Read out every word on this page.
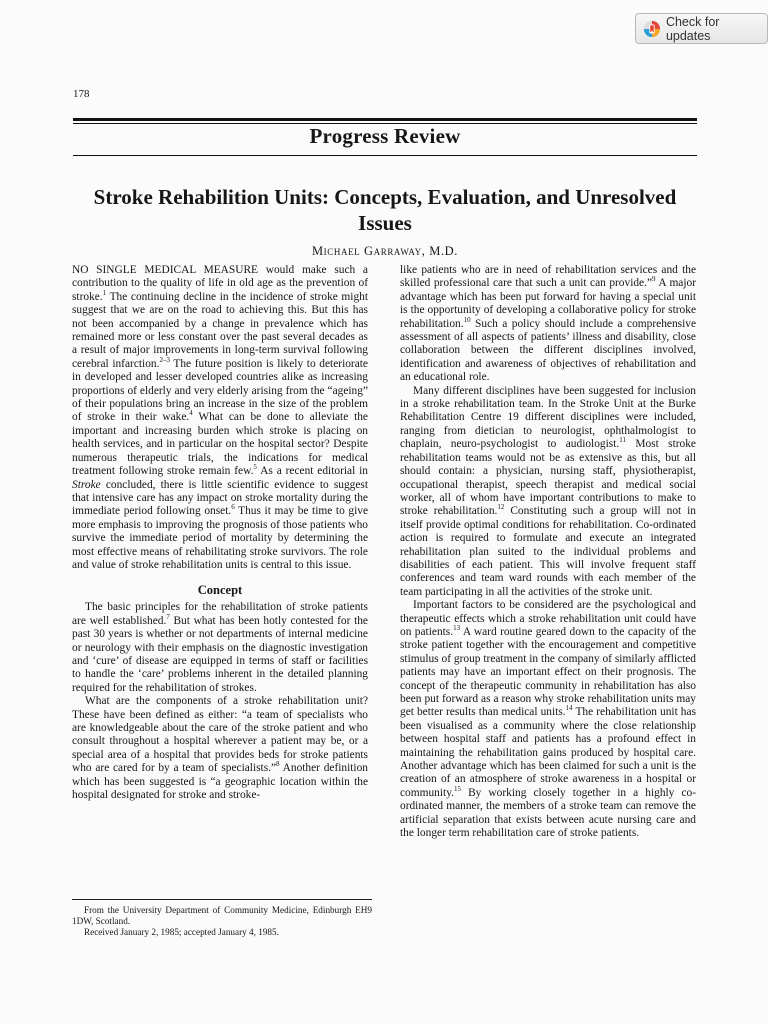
Check for updates
178
Progress Review
Stroke Rehabilition Units: Concepts, Evaluation, and Unresolved Issues
Michael Garraway, M.D.

NO SINGLE MEDICAL MEASURE would make such a contribution to the quality of life in old age as the prevention of stroke.$^1$ The continuing decline in the incidence of stroke might suggest that we are on the road to achieving this. But this has not been accompanied by a change in prevalence which has remained more or less constant over the past several decades as a result of major improvements in long-term survival following cerebral infarction.$^{2-3}$ The future position is likely to deteriorate in developed and lesser developed countries alike as increasing proportions of elderly and very elderly arising from the “ageing” of their populations bring an increase in the size of the problem of stroke in their wake.$^4$ What can be done to alleviate the important and increasing burden which stroke is placing on health services, and in particular on the hospital sector? Despite numerous therapeutic trials, the indications for medical treatment following stroke remain few.$^5$ As a recent editorial in Stroke concluded, there is little scientific evidence to suggest that intensive care has any impact on stroke mortality during the immediate period following onset.$^6$ Thus it may be time to give more emphasis to improving the prognosis of those patients who survive the immediate period of mortality by determining the most effective means of rehabilitating stroke survivors. The role and value of stroke rehabilitation units is central to this issue.

Concept

The basic principles for the rehabilitation of stroke patients are well established.$^7$ But what has been hotly contested for the past 30 years is whether or not departments of internal medicine or neurology with their emphasis on the diagnostic investigation and ‘cure’ of disease are equipped in terms of staff or facilities to handle the ‘care’ problems inherent in the detailed planning required for the rehabilitation of strokes.

What are the components of a stroke rehabilitation unit? These have been defined as either: “a team of specialists who are knowledgeable about the care of the stroke patient and who consult throughout a hospital wherever a patient may be, or a special area of a hospital that provides beds for stroke patients who are cared for by a team of specialists.”$^8$ Another definition which has been suggested is “a geographic location within the hospital designated for stroke and stroke-

like patients who are in need of rehabilitation services and the skilled professional care that such a unit can provide.”$^9$ A major advantage which has been put forward for having a special unit is the opportunity of developing a collaborative policy for stroke rehabilitation.$^{10}$ Such a policy should include a comprehensive assessment of all aspects of patients’ illness and disability, close collaboration between the different disciplines involved, identification and awareness of objectives of rehabilitation and an educational role.

Many different disciplines have been suggested for inclusion in a stroke rehabilitation team. In the Stroke Unit at the Burke Rehabilitation Centre 19 different disciplines were included, ranging from dietician to neurologist, ophthalmologist to chaplain, neuro-psychologist to audiologist.$^{11}$ Most stroke rehabilitation teams would not be as extensive as this, but all should contain: a physician, nursing staff, physiotherapist, occupational therapist, speech therapist and medical social worker, all of whom have important contributions to make to stroke rehabilitation.$^{12}$ Constituting such a group will not in itself provide optimal conditions for rehabilitation. Co-ordinated action is required to formulate and execute an integrated rehabilitation plan suited to the individual problems and disabilities of each patient. This will involve frequent staff conferences and team ward rounds with each member of the team participating in all the activities of the stroke unit.

Important factors to be considered are the psychological and therapeutic effects which a stroke rehabilitation unit could have on patients.$^{13}$ A ward routine geared down to the capacity of the stroke patient together with the encouragement and competitive stimulus of group treatment in the company of similarly afflicted patients may have an important effect on their prognosis. The concept of the therapeutic community in rehabilitation has also been put forward as a reason why stroke rehabilitation units may get better results than medical units.$^{14}$ The rehabilitation unit has been visualised as a community where the close relationship between hospital staff and patients has a profound effect in maintaining the rehabilitation gains produced by hospital care. Another advantage which has been claimed for such a unit is the creation of an atmosphere of stroke awareness in a hospital or community.$^{15}$ By working closely together in a highly co-ordinated manner, the members of a stroke team can remove the artificial separation that exists between acute nursing care and the longer term rehabilitation care of stroke patients.

From the University Department of Community Medicine, Edinburgh EH9 1DW, Scotland.

Received January 2, 1985; accepted January 4, 1985.
